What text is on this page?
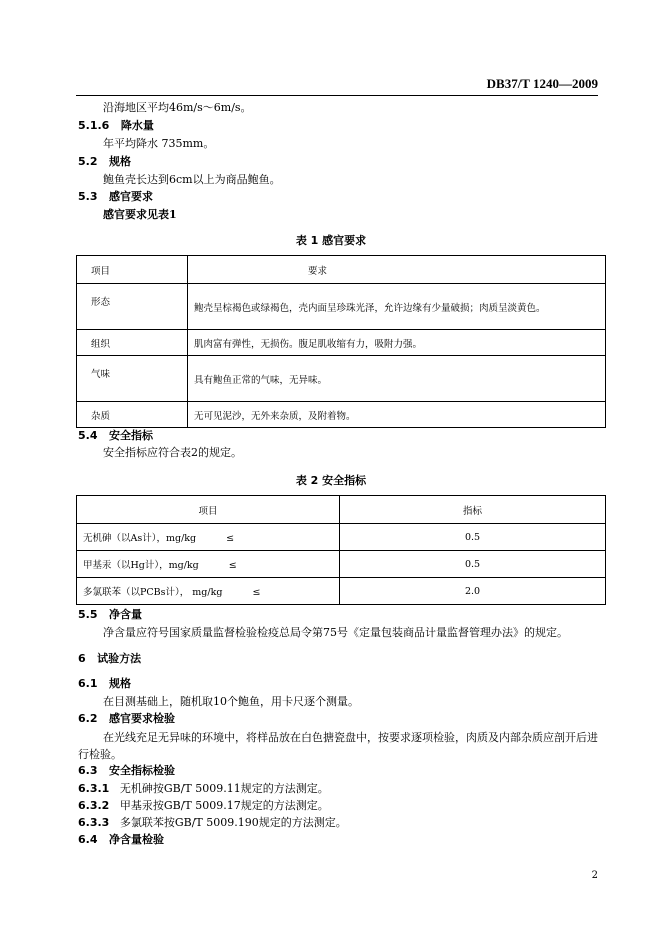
DB37/T 1240—2009
沿海地区平均46m/s～6m/s。
5.1.6 降水量
年平均降水 735mm。
5.2 规格
鲍鱼壳长达到6cm以上为商品鲍鱼。
5.3 感官要求
感官要求见表1
表 1 感官要求
项目	要求
形态	鲍壳呈棕褐色或绿褐色，壳内面呈珍珠光泽，允许边缘有少量破损；肉质呈淡黄色。
组织	肌肉富有弹性，无损伤。腹足肌收缩有力，吸附力强。
气味	具有鲍鱼正常的气味，无异味。
杂质	无可见泥沙，无外来杂质，及附着物。
5.4 安全指标
安全指标应符合表2的规定。
表 2 安全指标
项目	指标
无机砷（以As计），mg/kg ≤	0.5
甲基汞（以Hg计），mg/kg ≤	0.5
多氯联苯（以PCBs计）， mg/kg ≤	2.0
5.5 净含量
净含量应符号国家质量监督检验检疫总局令第75号《定量包装商品计量监督管理办法》的规定。
6 试验方法
6.1 规格
在目测基础上，随机取10个鲍鱼，用卡尺逐个测量。
6.2 感官要求检验
在光线充足无异味的环境中，将样品放在白色搪瓷盘中，按要求逐项检验，肉质及内部杂质应剖开后进行检验。
6.3 安全指标检验
6.3.1 无机砷按GB/T 5009.11规定的方法测定。
6.3.2 甲基汞按GB/T 5009.17规定的方法测定。
6.3.3 多氯联苯按GB/T 5009.190规定的方法测定。
6.4 净含量检验
2
